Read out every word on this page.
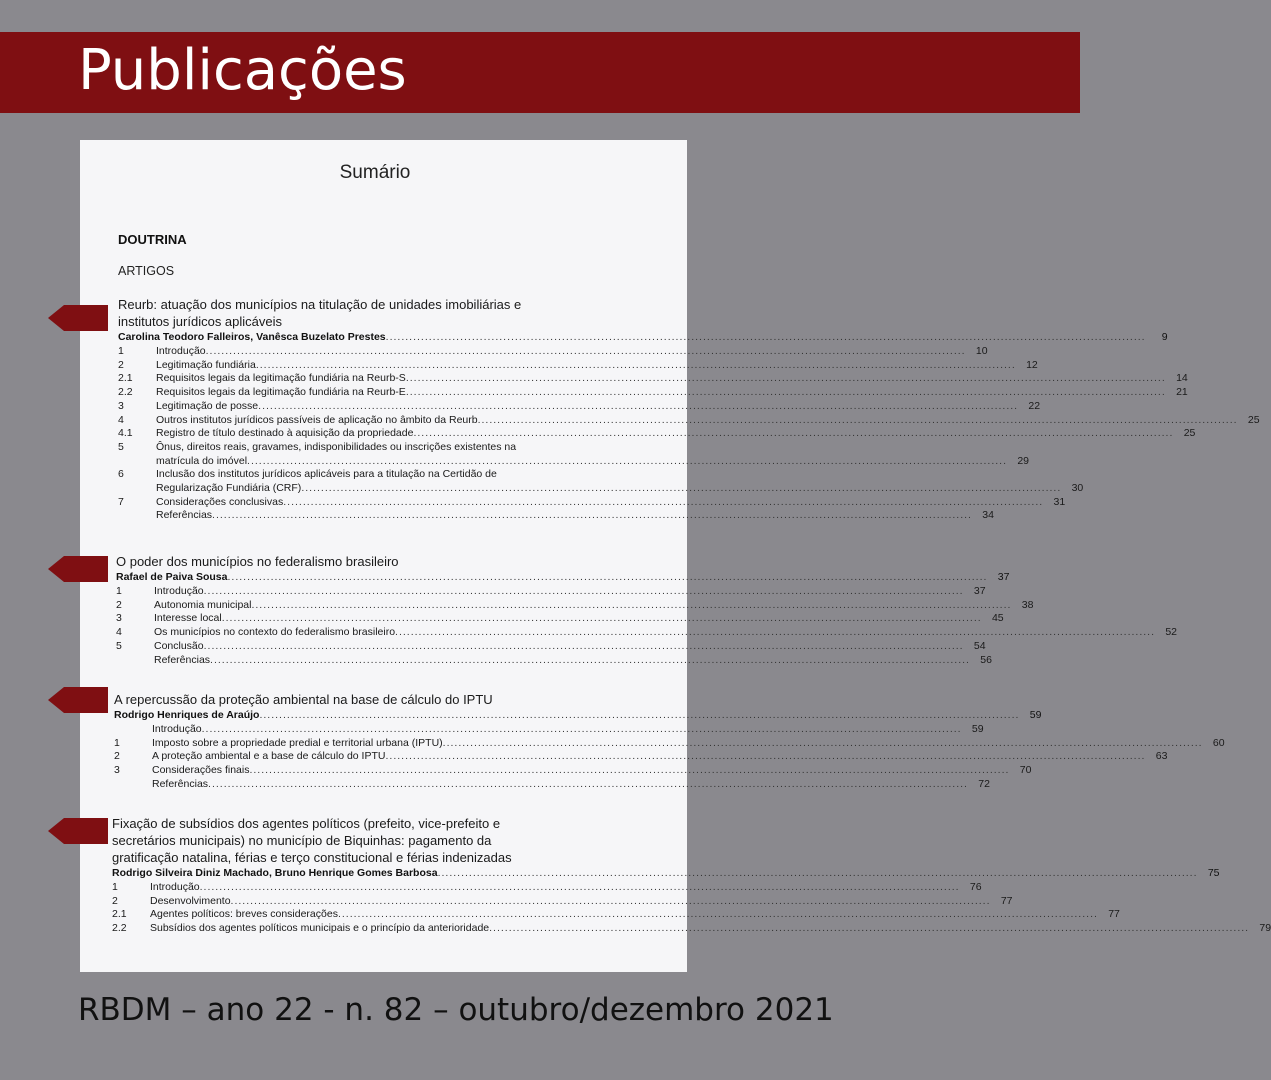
Publicações
Sumário
DOUTRINA
ARTIGOS
Reurb: atuação dos municípios na titulação de unidades imobiliárias e institutos jurídicos aplicáveis
Carolina Teodoro Falleiros, Vanêsca Buzelato Prestes .....	9
1	Introdução .....	10
2	Legitimação fundiária .....	12
2.1	Requisitos legais da legitimação fundiária na Reurb-S .....	14
2.2	Requisitos legais da legitimação fundiária na Reurb-E .....	21
3	Legitimação de posse .....	22
4	Outros institutos jurídicos passíveis de aplicação no âmbito da Reurb .....	25
4.1	Registro de título destinado à aquisição da propriedade .....	25
5	Ônus, direitos reais, gravames, indisponibilidades ou inscrições existentes na
matrícula do imóvel .....	29
6	Inclusão dos institutos jurídicos aplicáveis para a titulação na Certidão de
Regularização Fundiária (CRF) .....	30
7	Considerações conclusivas .....	31
Referências .....	34
O poder dos municípios no federalismo brasileiro
Rafael de Paiva Sousa .....	37
1	Introdução .....	37
2	Autonomia municipal .....	38
3	Interesse local .....	45
4	Os municípios no contexto do federalismo brasileiro .....	52
5	Conclusão .....	54
Referências .....	56
A repercussão da proteção ambiental na base de cálculo do IPTU
Rodrigo Henriques de Araújo .....	59
Introdução .....	59
1	Imposto sobre a propriedade predial e territorial urbana (IPTU) .....	60
2	A proteção ambiental e a base de cálculo do IPTU .....	63
3	Considerações finais .....	70
Referências .....	72
Fixação de subsídios dos agentes políticos (prefeito, vice-prefeito e secretários municipais) no município de Biquinhas: pagamento da gratificação natalina, férias e terço constitucional e férias indenizadas
Rodrigo Silveira Diniz Machado, Bruno Henrique Gomes Barbosa .....	75
1	Introdução .....	76
2	Desenvolvimento .....	77
2.1	Agentes políticos: breves considerações .....	77
2.2	Subsídios dos agentes políticos municipais e o princípio da anterioridade .....	79
RBDM – ano 22 - n. 82 – outubro/dezembro 2021
